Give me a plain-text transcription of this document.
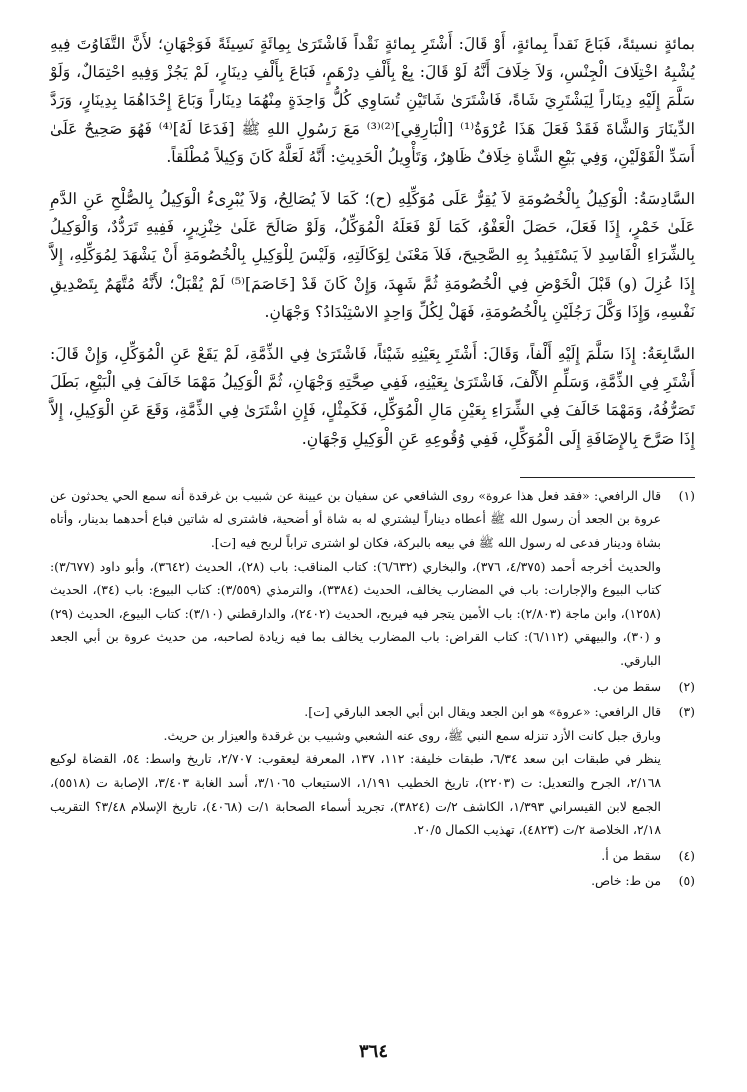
بمائةٍ نسيئةً، فَبَاعَ نَقداً بِمائةٍ، أَوْ قَالَ: أَشْتَرِ بِمائةٍ نَقْداً فَاشْتَرَىٰ بِمِائَةٍ نَسِيئَةً فَوَجْهَانِ؛ لأَنَّ التَّفَاوُتَ فِيهِ يُشْبِهُ اخْتِلَافَ الْجِنْسِ، وَلاَ خِلَافَ أَنَّهُ لَوْ قَالَ: بِعْ بِأَلْفِ دِرْهَمٍ، فَبَاعَ بِأَلْفِ دِينَارٍ، لَمْ يَجُزْ وَفِيهِ احْتِمَالٌ، وَلَوْ سَلَّمَ إِلَيْهِ دِينَاراً لِيَشْتَرِيَ شَاةً، فَاشْتَرَىٰ شَاتَيْنِ تُسَاوِي كُلُّ وَاحِدَةٍ مِنْهُمَا دِينَاراً وَبَاعَ إِحْدَاهُمَا بِدِينَارٍ، وَرَدَّ الدِّينَارَ وَالشَّاةَ فَقَدْ فَعَلَ هَذَا عُرْوَةُ⁽¹⁾ [الْبَارِقِي]⁽²⁾⁽³⁾ مَعَ رَسُولِ اللهِ ﷺ [فَدَعَا لَهُ]⁽⁴⁾ فَهُوَ صَحِيحٌ عَلَىٰ أَسَدِّ الْقَوْلَيْنِ، وَفِي بَيْعِ الشَّاةِ خِلَافٌ ظَاهِرٌ، وَتَأْوِيلُ الْحَدِيثِ: أَنَّهُ لَعَلَّهُ كَانَ وَكِيلاً مُطْلَقاً.

السَّادِسَةُ: الْوَكِيلُ بِالْخُصُومَةِ لاَ يُقِرُّ عَلَى مُوَكِّلِهِ (ح)؛ كَمَا لاَ يُصَالِحُ، وَلاَ يُبْرِىءُ الْوَكِيلُ بِالصُّلْحِ عَنِ الدَّمِ عَلَىٰ خَمْرٍ، إِذَا فَعَلَ، حَصَلَ الْعَفْوُ، كَمَا لَوْ فَعَلَهُ الْمُوَكِّلُ، وَلَوْ صَالَحَ عَلَىٰ خِنْزِيرٍ، فَفِيهِ تَرَدُّدٌ، وَالْوَكِيلُ بِالشِّرَاءِ الْفَاسِدِ لاَ يَسْتَفِيدُ بِهِ الصَّحِيحَ، فَلاَ مَعْنَىٰ لِوَكَالَتِهِ، وَلَيْسَ لِلْوَكِيلِ بِالْخُصُومَةِ أَنْ يَشْهَدَ لِمُوَكِّلِهِ، إِلاَّ إِذَا عُزِلَ (و) قَبْلَ الْخَوْضِ فِي الْخُصُومَةِ ثُمَّ شَهِدَ، وَإِنْ كَانَ قَدْ [خَاصَمَ]⁽⁵⁾ لَمْ يُقْبَلْ؛ لأَنَّهُ مُتَّهَمٌ بِتَصْدِيقِ نَفْسِهِ، وَإِذَا وَكَّلَ رَجُلَيْنِ بِالْخُصُومَةِ، فَهَلْ لِكُلِّ وَاحِدٍ الاسْتِبْدَادُ؟ وَجْهَانِ.

السَّابِعَةُ: إِذَا سَلَّمَ إِلَيْهِ أَلْفاً، وَقَالَ: أَشْتَرِ بِعَيْنِهِ شَيْئاً، فَاشْتَرَىٰ فِي الذِّمَّةِ، لَمْ يَقَعْ عَنِ الْمُوَكِّلِ، وَإِنْ قَالَ: أَشْتَرِ فِي الذِّمَّةِ، وَسَلِّمِ الأَلْفَ، فَاشْتَرَىٰ بِعَيْنِهِ، فَفِي صِحَّتِهِ وَجْهَانِ، ثُمَّ الْوَكِيلُ مَهْمَا خَالَفَ فِي الْبَيْعِ، بَطَلَ تَصَرُّفُهُ، وَمَهْمَا خَالَفَ فِي الشِّرَاءِ بِعَيْنِ مَالِ الْمُوَكِّلِ، فَكَمِثْلٍ، فَإِنِ اشْتَرَىٰ فِي الذِّمَّةِ، وَقَعَ عَنِ الْوَكِيلِ، إِلاَّ إِذَا صَرَّحَ بِالإِضَافَةِ إِلَى الْمُوَكِّلِ، فَفِي وُقُوعِهِ عَنِ الْوَكِيلِ وَجْهَانِ.

(١)

قال الرافعي: «فقد فعل هذا عروة» روى الشافعي عن سفيان بن عيينة عن شبيب بن غرقدة أنه سمع الحي يحدثون عن عروة بن الجعد أن رسول الله ﷺ أعطاه ديناراً ليشتري له به شاة أو أضحية، فاشترى له شاتين فباع أحدهما بدينار، وأتاه بشاة ودينار فدعى له رسول الله ﷺ في بيعه بالبركة، فكان لو اشترى تراباً لربح فيه [ت].

والحديث أخرجه أحمد (٤/٣٧٥، ٣٧٦)، والبخاري (٦/٦٣٢): كتاب المناقب: باب (٢٨)، الحديث (٣٦٤٢)، وأبو داود (٣/٦٧٧): كتاب البيوع والإجارات: باب في المضارب يخالف، الحديث (٣٣٨٤)، والترمذي (٣/٥٥٩): كتاب البيوع: باب (٣٤)، الحديث (١٢٥٨)، وابن ماجة (٢/٨٠٣): باب الأمين يتجر فيه فيربح، الحديث (٢٤٠٢)، والدارقطني (٣/١٠): كتاب البيوع، الحديث (٢٩) و (٣٠)، والبيهقي (٦/١١٢): كتاب القراض: باب المضارب يخالف بما فيه زيادة لصاحبه، من حديث عروة بن أبي الجعد البارقي.

(٢)

سقط من ب.

(٣)

قال الرافعي: «عروة» هو ابن الجعد ويقال ابن أبي الجعد البارقي [ت].

وبارق جبل كانت الأزد تنزله سمع النبي ﷺ، روى عنه الشعبي وشبيب بن غرقدة والعيزار بن حريث.

ينظر في طبقات ابن سعد ٦/٣٤، طبقات خليفة: ١١٢، ١٣٧، المعرفة ليعقوب: ٢/٧٠٧، تاريخ واسط: ٥٤، القضاة لوكيع ٢/١٦٨، الجرح والتعديل: ت (٢٢٠٣)، تاريخ الخطيب ١/١٩١، الاستيعاب ٣/١٠٦٥، أسد الغابة ٣/٤٠٣، الإصابة ت (٥٥١٨)، الجمع لابن القيسراني ١/٣٩٣، الكاشف ٢/ت (٣٨٢٤)، تجريد أسماء الصحابة ١/ت (٤٠٦٨)، تاريخ الإسلام ٣/٤٨؟ التقريب ٢/١٨، الخلاصة ٢/ت (٤٨٢٣)، تهذيب الكمال ٢٠/٥.

(٤)

سقط من أ.

(٥)

من ط: خاص.

٣٦٤
